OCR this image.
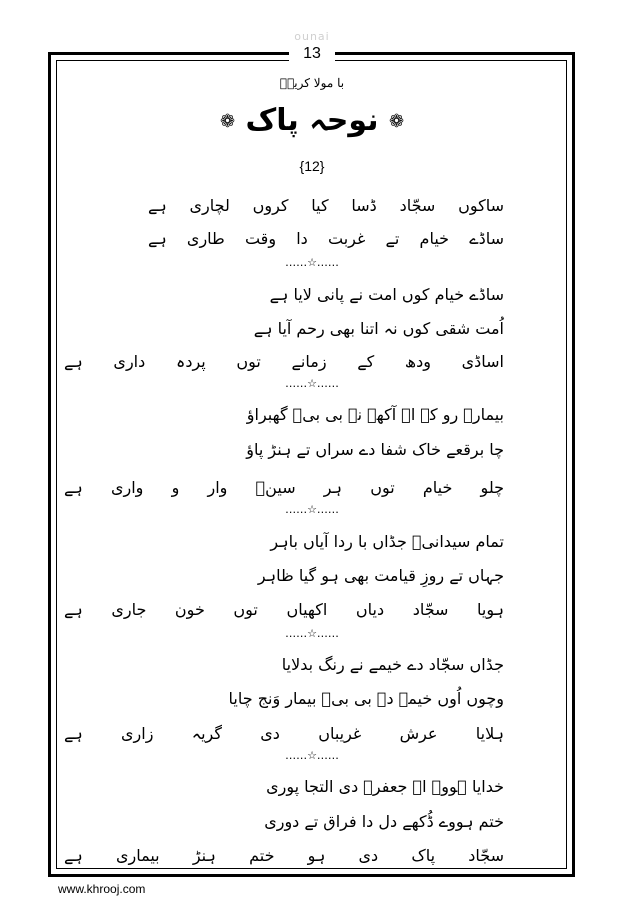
ounai
13
با مولا کریمؑ
❁ نوحہ پاک ❁
{12}
ساکوں سجّاد ڈسا کیا کروں لچاری ہے
ساڈے خیام تے غربت دا وقت طاری ہے
……☆……
ساڈے خیام کوں امت نے پانی لایا ہے
اُمت شقی کوں نہ اتنا بھی رحم آیا ہے
اساڈی ودھ کے زمانے توں پردہ داری ہے
……☆……
بیمارؑ رو کے اے آکھے نہ بی بیؑ گھبراؤ
چا برقعے خاک شفا دے سراں تے ہنڑ پاؤ
چلو خیام توں ہر سینؑ وار و واری ہے
……☆……
تمام سیدانیؑ جڈاں با ردا آیاں باہر
جہاں تے روزِ قیامت بھی ہو گیا ظاہر
ہویا سجّاد دیاں اکھیاں توں خون جاری ہے
……☆……
جڈاں سجّاد دے خیمے نے رنگ بدلایا
وچوں اُوں خیمے دے بی بیؑ بیمار وَنج چایا
ہلایا عرش غریباں دی گریہ زاری ہے
……☆……
خدایا ہووے اے جعفرؑ دی التجا پوری
ختم ہووے ڈُکھے دل دا فراق تے دوری
سجّاد پاک دی ہو ختم ہنڑ بیماری ہے
www.khrooj.com
